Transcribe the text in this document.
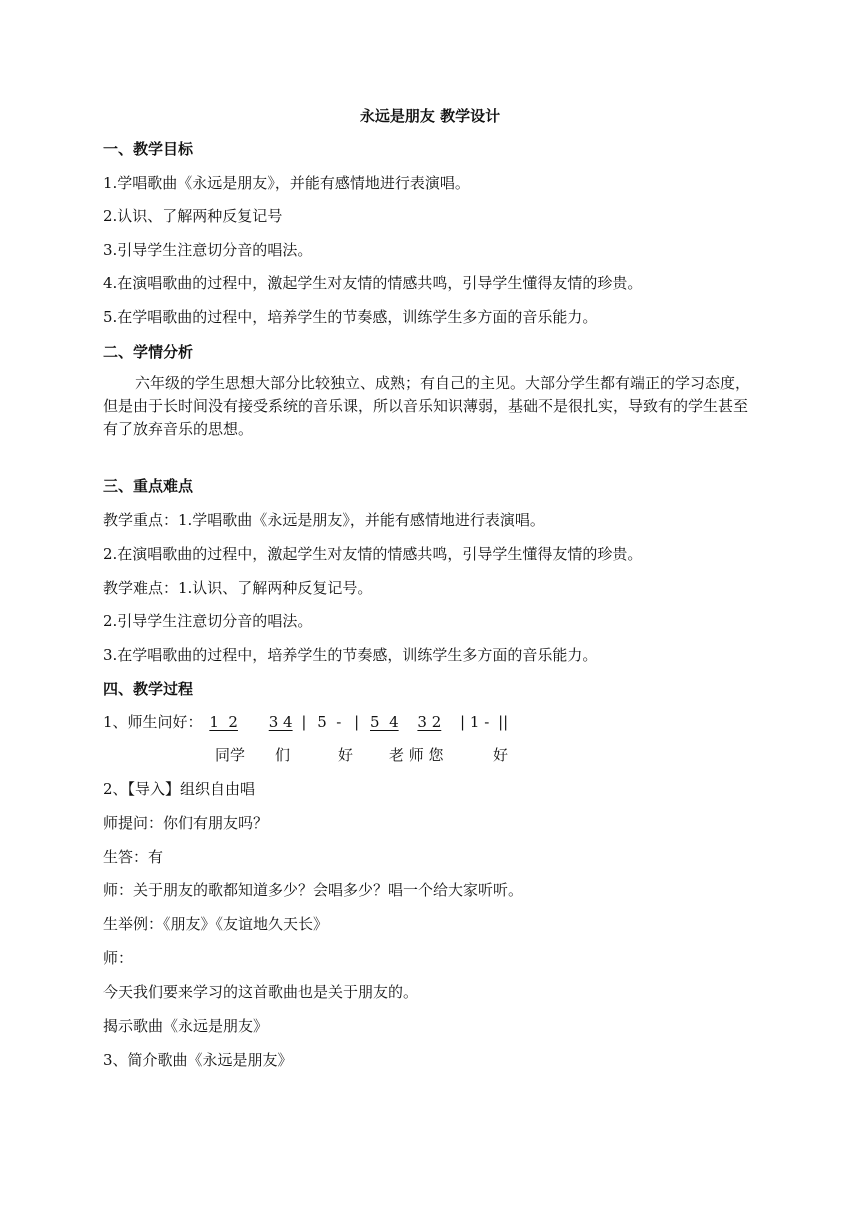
永远是朋友 教学设计
一、教学目标
1.学唱歌曲《永远是朋友》，并能有感情地进行表演唱。
2.认识、了解两种反复记号
3.引导学生注意切分音的唱法。
4.在演唱歌曲的过程中，激起学生对友情的情感共鸣，引导学生懂得友情的珍贵。
5.在学唱歌曲的过程中，培养学生的节奏感，训练学生多方面的音乐能力。
二、学情分析
六年级的学生思想大部分比较独立、成熟；有自己的主见。大部分学生都有端正的学习态度，但是由于长时间没有接受系统的音乐课，所以音乐知识薄弱，基础不是很扎实，导致有的学生甚至有了放弃音乐的思想。
三、重点难点
教学重点：1.学唱歌曲《永远是朋友》，并能有感情地进行表演唱。
2.在演唱歌曲的过程中，激起学生对友情的情感共鸣，引导学生懂得友情的珍贵。
教学难点：1.认识、了解两种反复记号。
2.引导学生注意切分音的唱法。
3.在学唱歌曲的过程中，培养学生的节奏感，训练学生多方面的音乐能力。
四、教学过程
1、师生问好： 1  2 3 4 | 5  - | 5  4 3 2 | 1 - ||
同学 们	好 老 师 您	好
2、【导入】组织自由唱
师提问：你们有朋友吗？
生答：有
师：关于朋友的歌都知道多少？会唱多少？唱一个给大家听听。
生举例：《朋友》《友谊地久天长》
师：
今天我们要来学习的这首歌曲也是关于朋友的。
揭示歌曲《永远是朋友》
3、简介歌曲《永远是朋友》
